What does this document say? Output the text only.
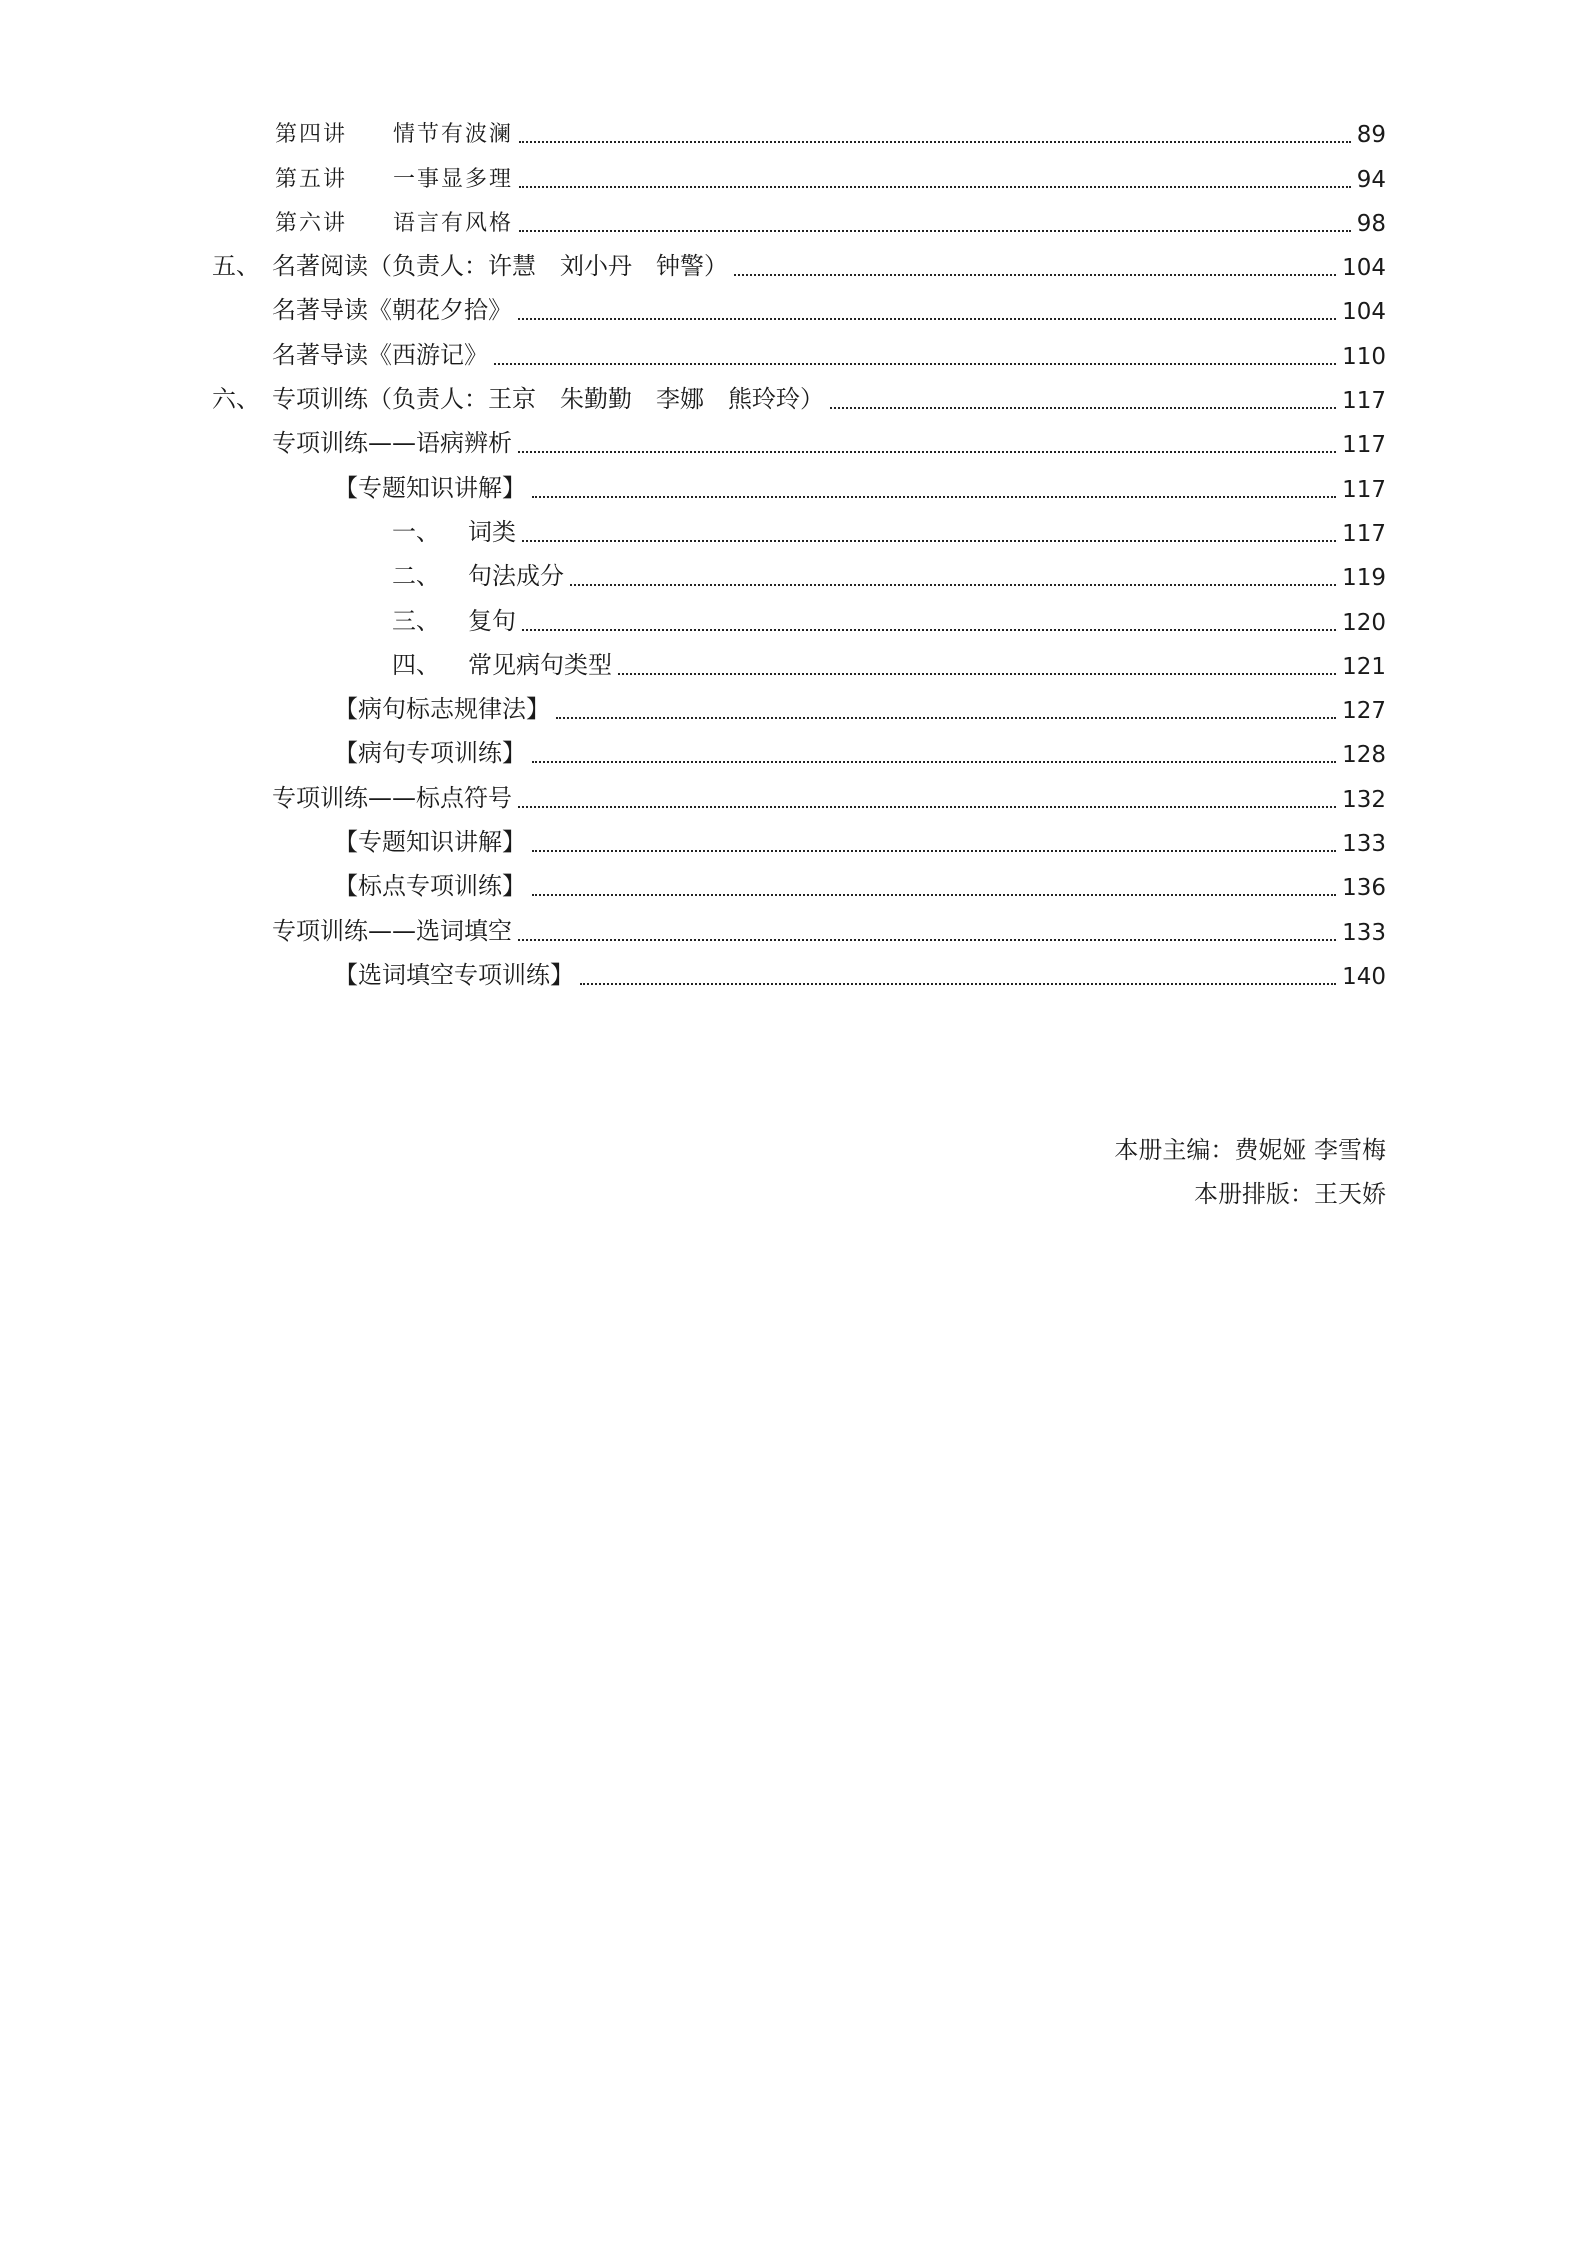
第四讲 情节有波澜	89
第五讲 一事显多理	94
第六讲 语言有风格	98
五、 名著阅读（负责人：许慧　刘小丹　钟警）	104
名著导读《朝花夕拾》	104
名著导读《西游记》	110
六、 专项训练（负责人：王京　朱勤勤　李娜　熊玲玲）	117
专项训练——语病辨析	117
【专题知识讲解】	117
一、	词类	117
二、	句法成分	119
三、	复句	120
四、	常见病句类型	121
【病句标志规律法】	127
【病句专项训练】	128
专项训练——标点符号	132
【专题知识讲解】	133
【标点专项训练】	136
专项训练——选词填空	133
【选词填空专项训练】	140
本册主编：费妮娅 李雪梅
本册排版：王天娇
